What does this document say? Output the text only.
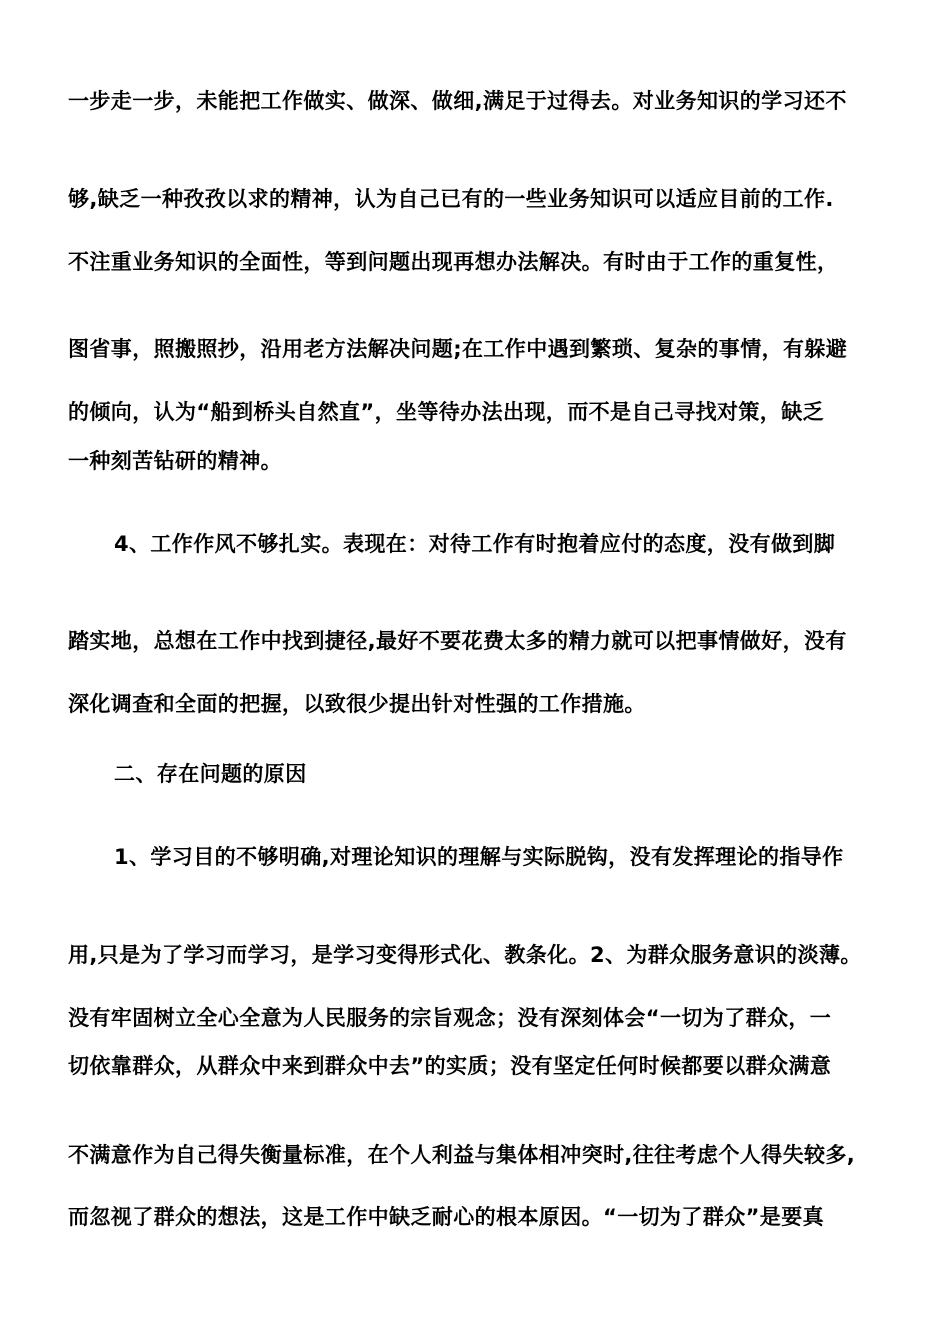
一步走一步，未能把工作做实、做深、做细,满足于过得去。对业务知识的学习还不
够,缺乏一种孜孜以求的精神，认为自己已有的一些业务知识可以适应目前的工作.
不注重业务知识的全面性，等到问题出现再想办法解决。有时由于工作的重复性，
图省事，照搬照抄，沿用老方法解决问题;在工作中遇到繁琐、复杂的事情，有躲避
的倾向，认为“船到桥头自然直”，坐等待办法出现，而不是自己寻找对策，缺乏
一种刻苦钻研的精神。
4、工作作风不够扎实。表现在：对待工作有时抱着应付的态度，没有做到脚
踏实地，总想在工作中找到捷径,最好不要花费太多的精力就可以把事情做好，没有
深化调查和全面的把握，以致很少提出针对性强的工作措施。
二、存在问题的原因
1、学习目的不够明确,对理论知识的理解与实际脱钩，没有发挥理论的指导作
用,只是为了学习而学习，是学习变得形式化、教条化。2、为群众服务意识的淡薄。
没有牢固树立全心全意为人民服务的宗旨观念；没有深刻体会“一切为了群众，一
切依靠群众，从群众中来到群众中去”的实质；没有坚定任何时候都要以群众满意
不满意作为自己得失衡量标准，在个人利益与集体相冲突时,往往考虑个人得失较多,
而忽视了群众的想法，这是工作中缺乏耐心的根本原因。“一切为了群众”是要真
